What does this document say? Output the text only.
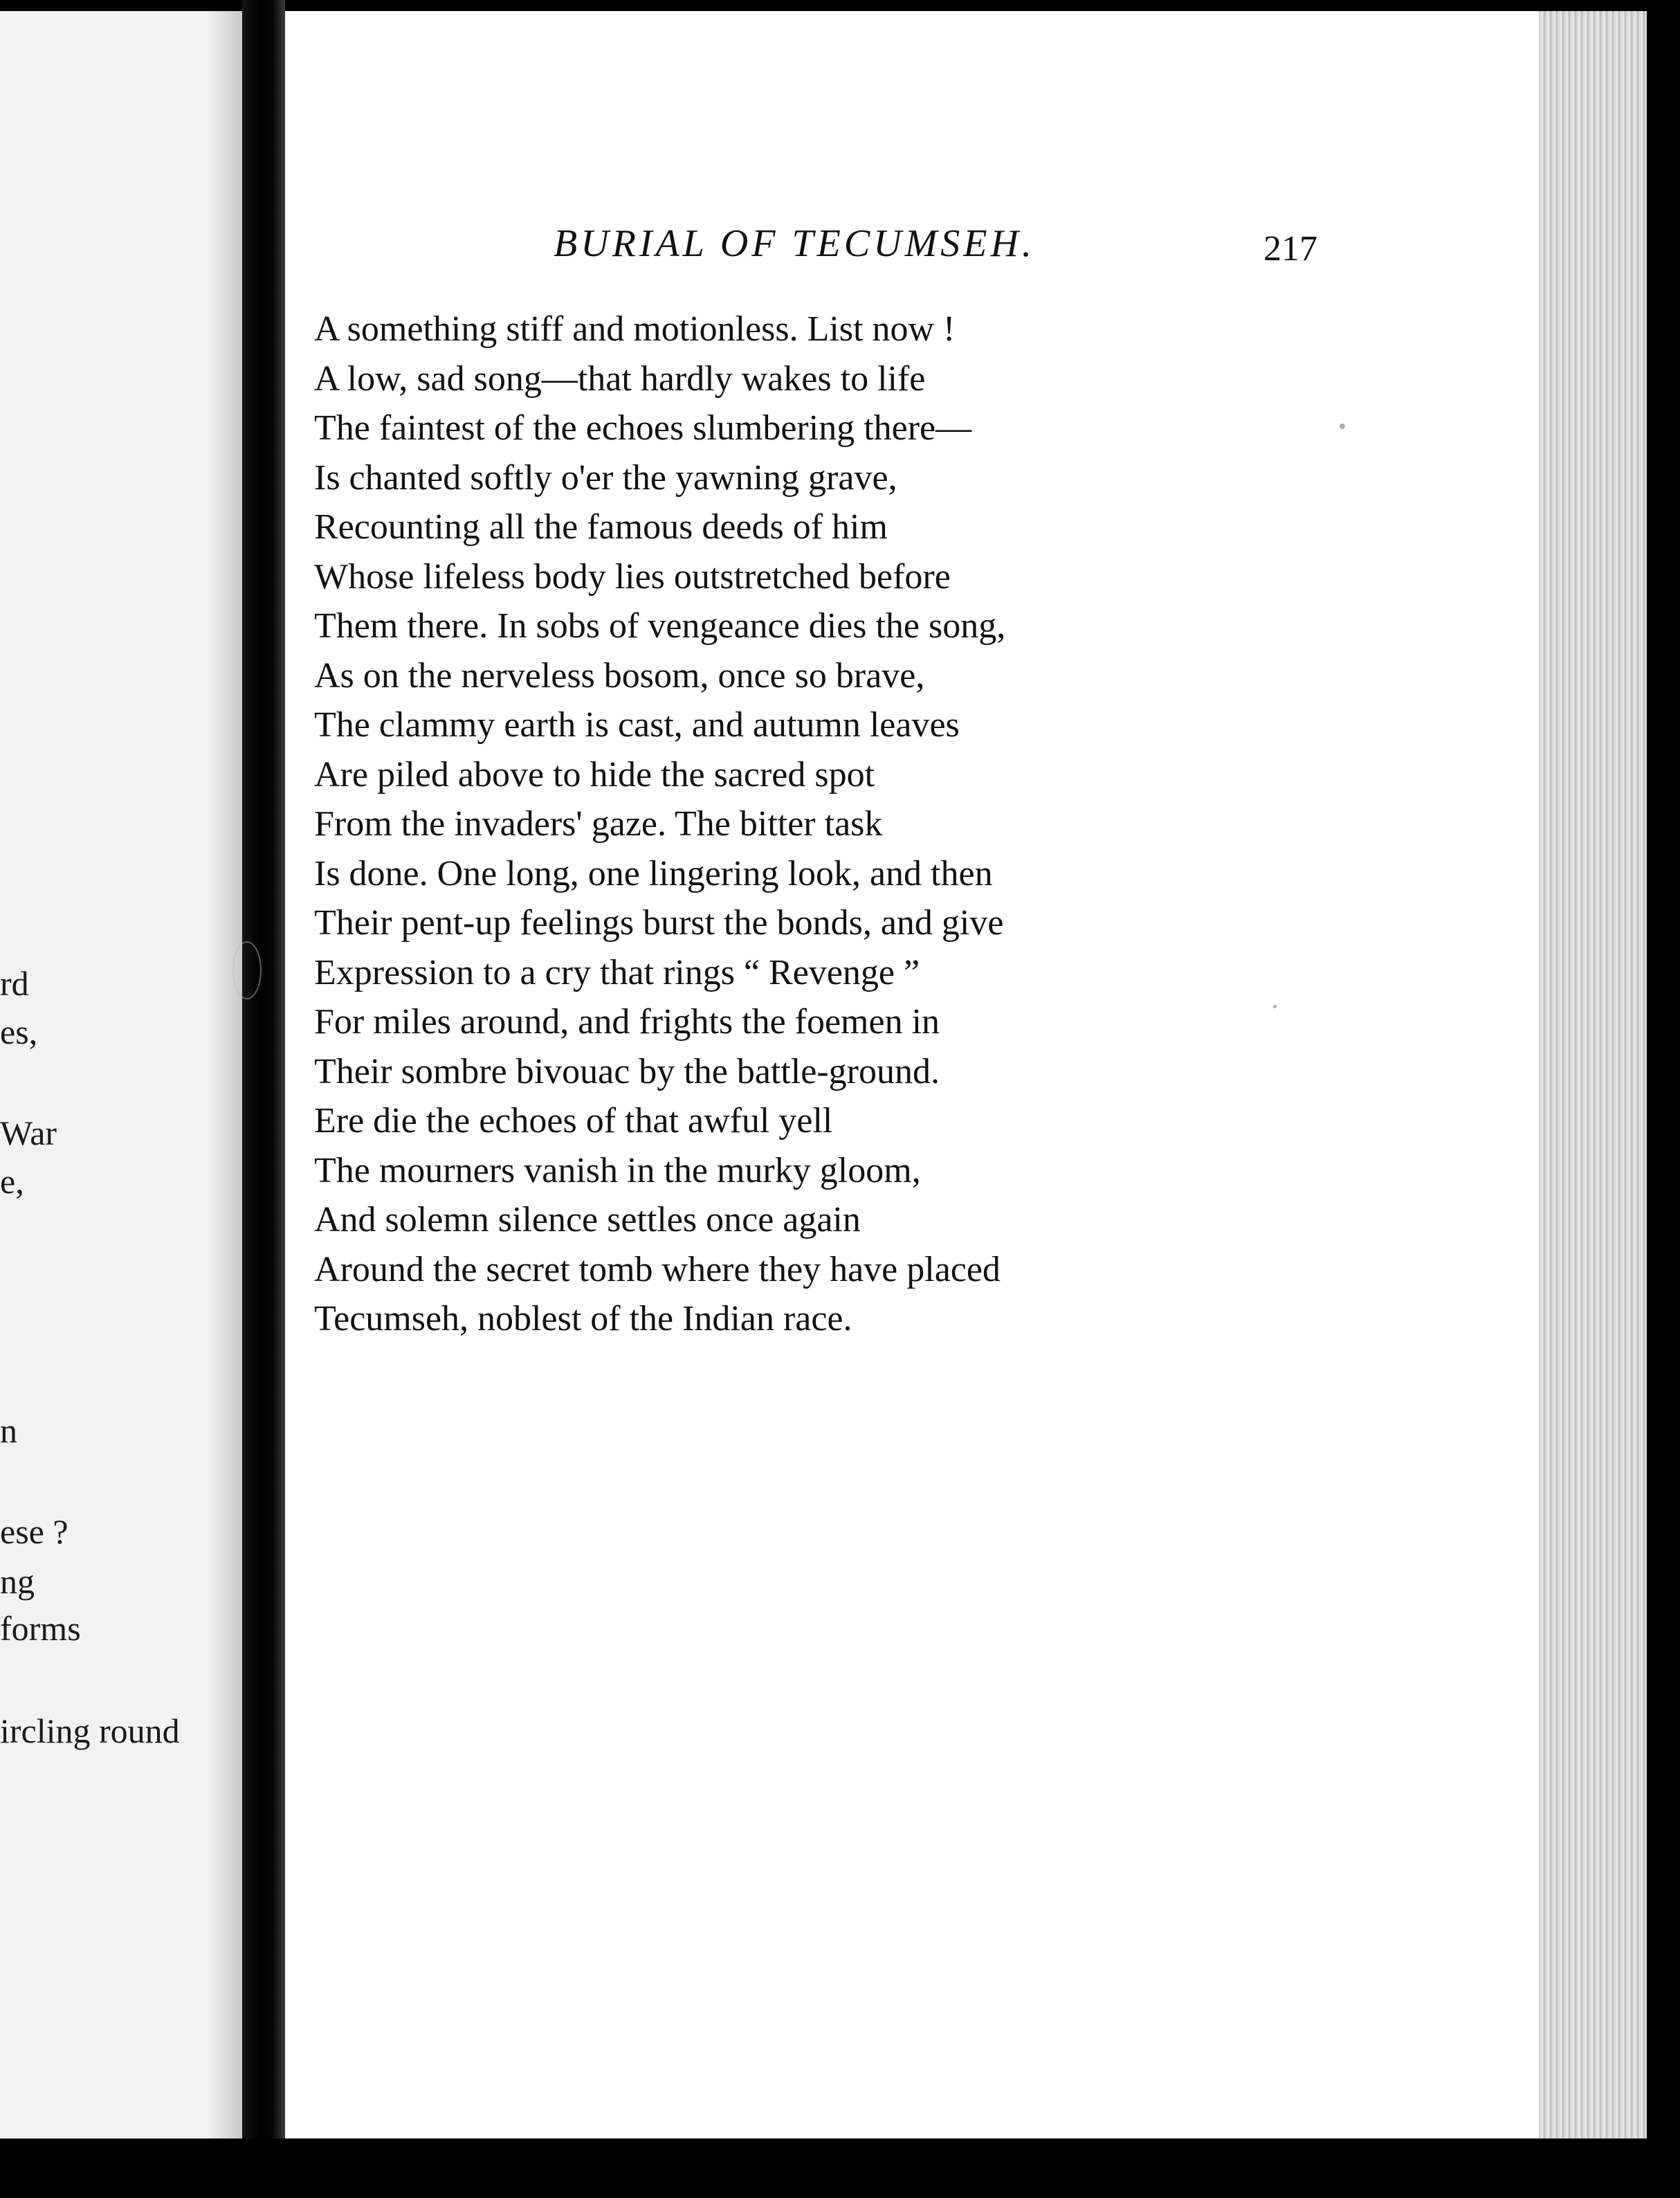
rd
es,
War
e,
n
ese ?
ng
forms
ircling round
BURIAL OF TECUMSEH.	217
A something stiff and motionless. List now !
A low, sad song—that hardly wakes to life
The faintest of the echoes slumbering there—
Is chanted softly o'er the yawning grave,
Recounting all the famous deeds of him
Whose lifeless body lies outstretched before
Them there. In sobs of vengeance dies the song,
As on the nerveless bosom, once so brave,
The clammy earth is cast, and autumn leaves
Are piled above to hide the sacred spot
From the invaders' gaze. The bitter task
Is done. One long, one lingering look, and then
Their pent-up feelings burst the bonds, and give
Expression to a cry that rings “ Revenge ”
For miles around, and frights the foemen in
Their sombre bivouac by the battle-ground.
Ere die the echoes of that awful yell
The mourners vanish in the murky gloom,
And solemn silence settles once again
Around the secret tomb where they have placed
Tecumseh, noblest of the Indian race.
